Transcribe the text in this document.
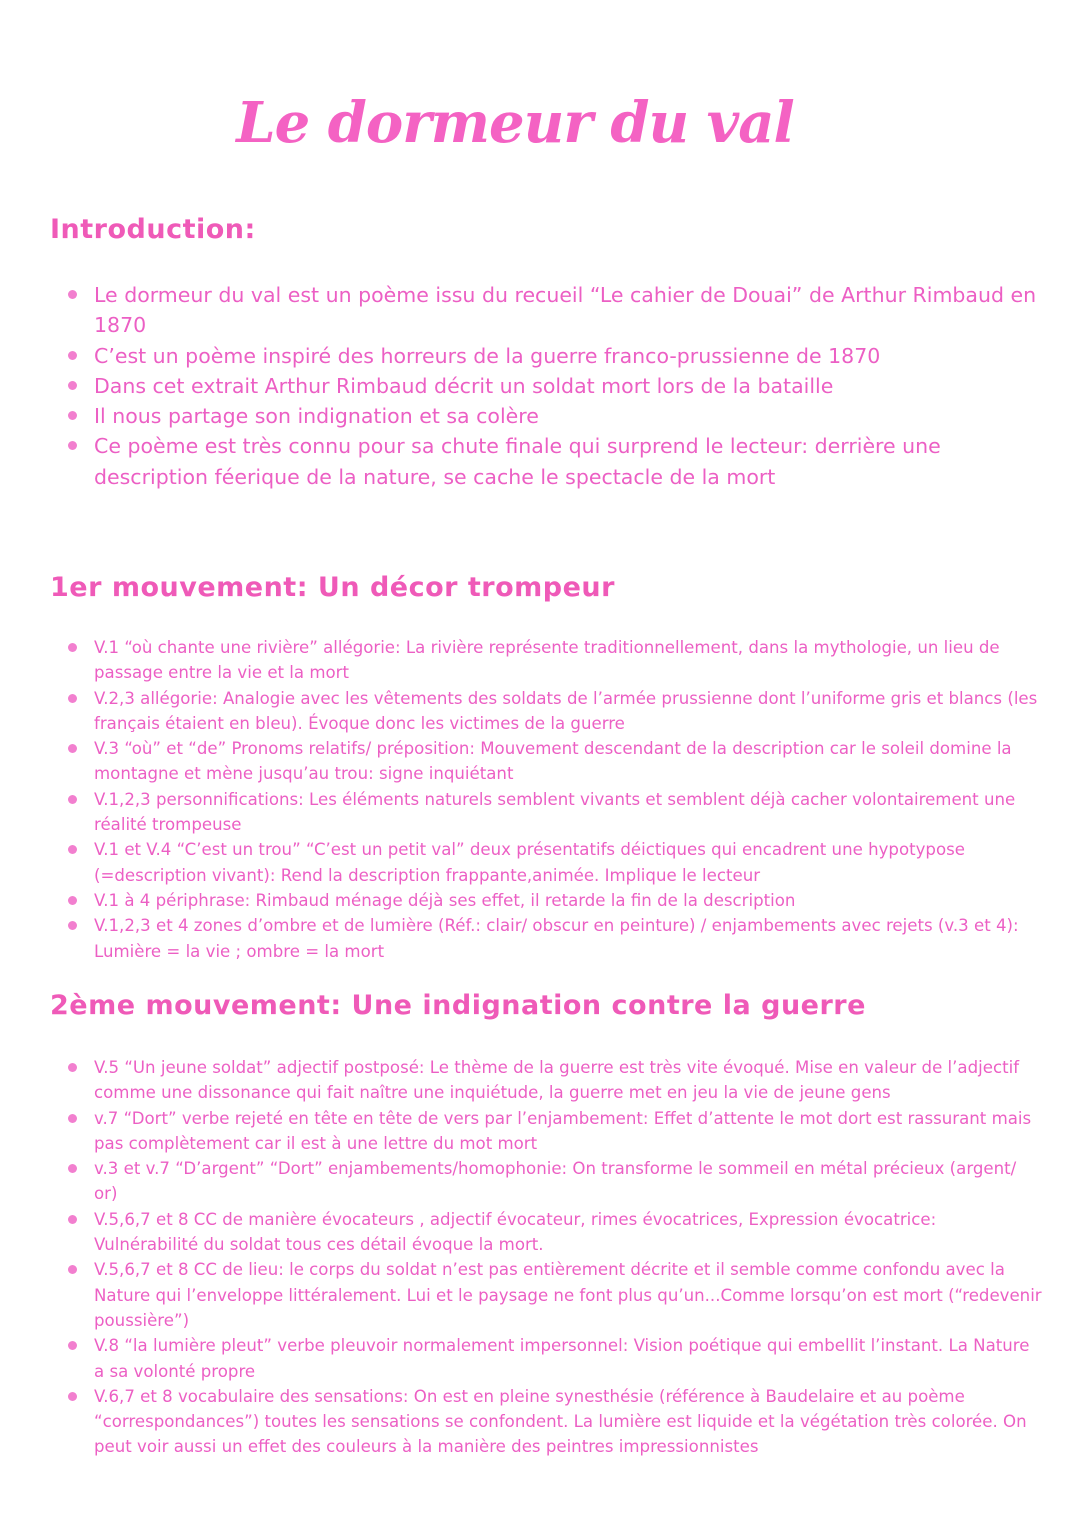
Le dormeur du val
Introduction:
Le dormeur du val est un poème issu du recueil “Le cahier de Douai” de Arthur Rimbaud en 1870
C’est un poème inspiré des horreurs de la guerre franco-prussienne de 1870
Dans cet extrait Arthur Rimbaud décrit un soldat mort lors de la bataille
Il nous partage son indignation et sa colère
Ce poème est très connu pour sa chute finale qui surprend le lecteur: derrière une description féerique de la nature, se cache le spectacle de la mort
1er mouvement: Un décor trompeur
V.1 “où chante une rivière” allégorie: La rivière représente traditionnellement, dans la mythologie, un lieu de passage entre la vie et la mort
V.2,3 allégorie: Analogie avec les vêtements des soldats de l’armée prussienne dont l’uniforme gris et blancs (les français étaient en bleu). Évoque donc les victimes de la guerre
V.3 “où” et “de” Pronoms relatifs/ préposition: Mouvement descendant de la description car le soleil domine la montagne et mène jusqu’au trou: signe inquiétant
V.1,2,3 personnifications: Les éléments naturels semblent vivants et semblent déjà cacher volontairement une réalité trompeuse
V.1 et V.4 “C’est un trou” “C’est un petit val” deux présentatifs déictiques qui encadrent une hypotypose (=description vivant): Rend la description frappante,animée. Implique le lecteur
V.1 à 4 périphrase: Rimbaud ménage déjà ses effet, il retarde la fin de la description
V.1,2,3 et 4 zones d’ombre et de lumière (Réf.: clair/ obscur en peinture) / enjambements avec rejets (v.3 et 4): Lumière = la vie ; ombre = la mort
2ème mouvement: Une indignation contre la guerre
V.5 “Un jeune soldat” adjectif postposé: Le thème de la guerre est très vite évoqué. Mise en valeur de l’adjectif comme une dissonance qui fait naître une inquiétude, la guerre met en jeu la vie de jeune gens
v.7 “Dort” verbe rejeté en tête en tête de vers par l’enjambement: Effet d’attente le mot dort est rassurant mais pas complètement car il est à une lettre du mot mort
v.3 et v.7 “D’argent” “Dort” enjambements/homophonie: On transforme le sommeil en métal précieux (argent/ or)
V.5,6,7 et 8 CC de manière évocateurs , adjectif évocateur, rimes évocatrices, Expression évocatrice: Vulnérabilité du soldat tous ces détail évoque la mort.
V.5,6,7 et 8 CC de lieu: le corps du soldat n’est pas entièrement décrite et il semble comme confondu avec la Nature qui l’enveloppe littéralement. Lui et le paysage ne font plus qu’un...Comme lorsqu’on est mort (“redevenir poussière”)
V.8 “la lumière pleut” verbe pleuvoir normalement impersonnel: Vision poétique qui embellit l’instant. La Nature a sa volonté propre
V.6,7 et 8 vocabulaire des sensations: On est en pleine synesthésie (référence à Baudelaire et au poème “correspondances”) toutes les sensations se confondent. La lumière est liquide et la végétation très colorée. On peut voir aussi un effet des couleurs à la manière des peintres impressionnistes
